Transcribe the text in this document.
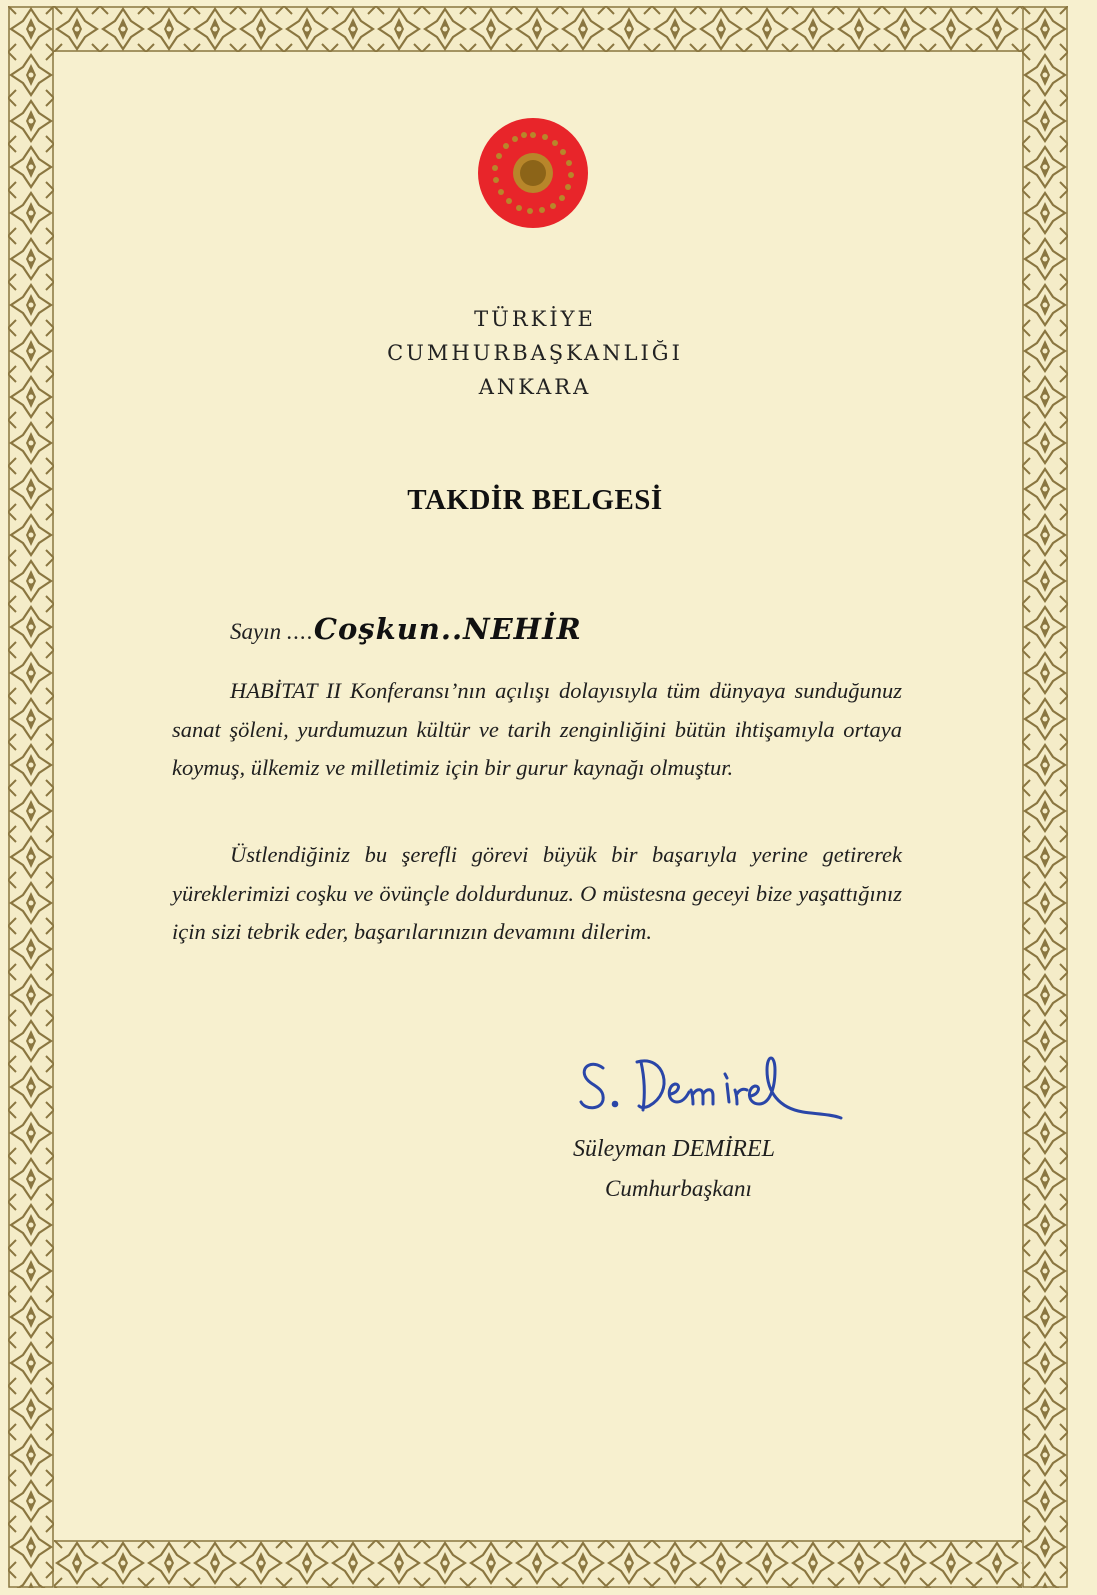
TÜRKİYE
CUMHURBAŞKANLIĞI
ANKARA
TAKDİR BELGESİ
Sayın ....Coşkun..NEHİR
HABİTAT II Konferansı’nın açılışı dolayısıyla tüm dünyaya sunduğunuz sanat şöleni, yurdumuzun kültür ve tarih zenginliğini bütün ihtişamıyla ortaya koymuş, ülkemiz ve milletimiz için bir gurur kaynağı olmuştur.
Üstlendiğiniz bu şerefli görevi büyük bir başarıyla yerine getirerek yüreklerimizi coşku ve övünçle doldurdunuz. O müstesna geceyi bize yaşattığınız için sizi tebrik eder, başarılarınızın devamını dilerim.
Süleyman DEMİREL
Cumhurbaşkanı
